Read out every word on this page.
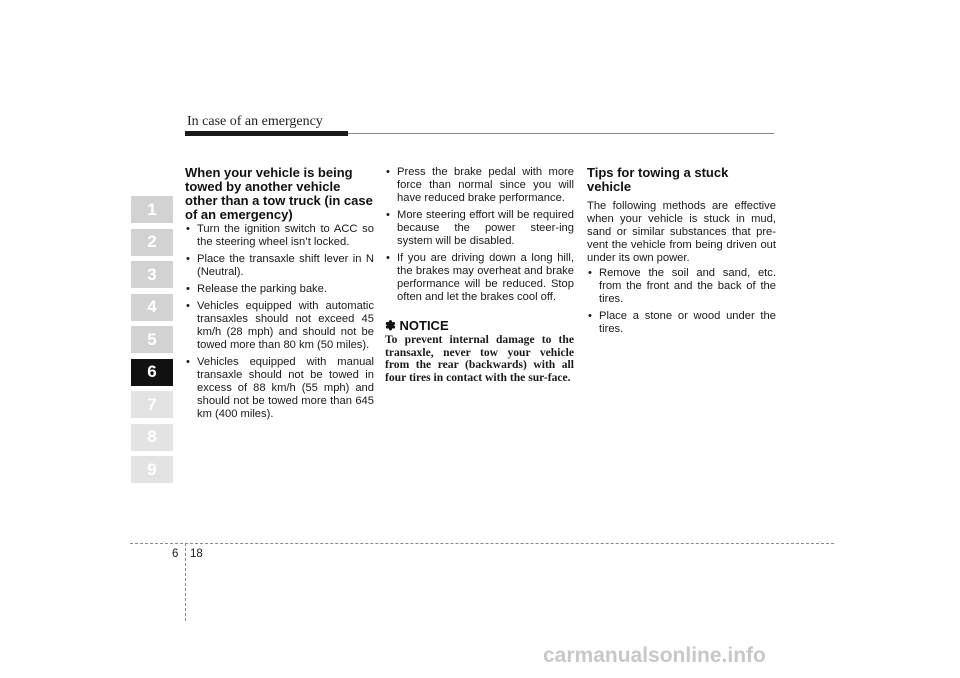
In case of an emergency
1
2
3
4
5
6
7
8
9
When your vehicle is being towed by another vehicle other than a tow truck (in case of an emergency)
• Turn the ignition switch to ACC so the steering wheel isn’t locked.
• Place the transaxle shift lever in N (Neutral).
• Release the parking bake.
• Vehicles equipped with automatic transaxles should not exceed 45 km/h (28 mph) and should not be towed more than 80 km (50 miles).
• Vehicles equipped with manual transaxle should not be towed in excess of 88 km/h (55 mph) and should not be towed more than 645 km (400 miles).
• Press the brake pedal with more force than normal since you will have reduced brake performance.
• More steering effort will be required because the power steer-ing system will be disabled.
• If you are driving down a long hill, the brakes may overheat and brake performance will be reduced. Stop often and let the brakes cool off.
✽ NOTICE
To prevent internal damage to the transaxle, never tow your vehicle from the rear (backwards) with all four tires in contact with the sur-face.
Tips for towing a stuck vehicle

The following methods are effective when your vehicle is stuck in mud, sand or similar substances that pre-vent the vehicle from being driven out under its own power.

• Remove the soil and sand, etc. from the front and the back of the tires.
• Place a stone or wood under the tires.
6 18
carmanualsonline.info
